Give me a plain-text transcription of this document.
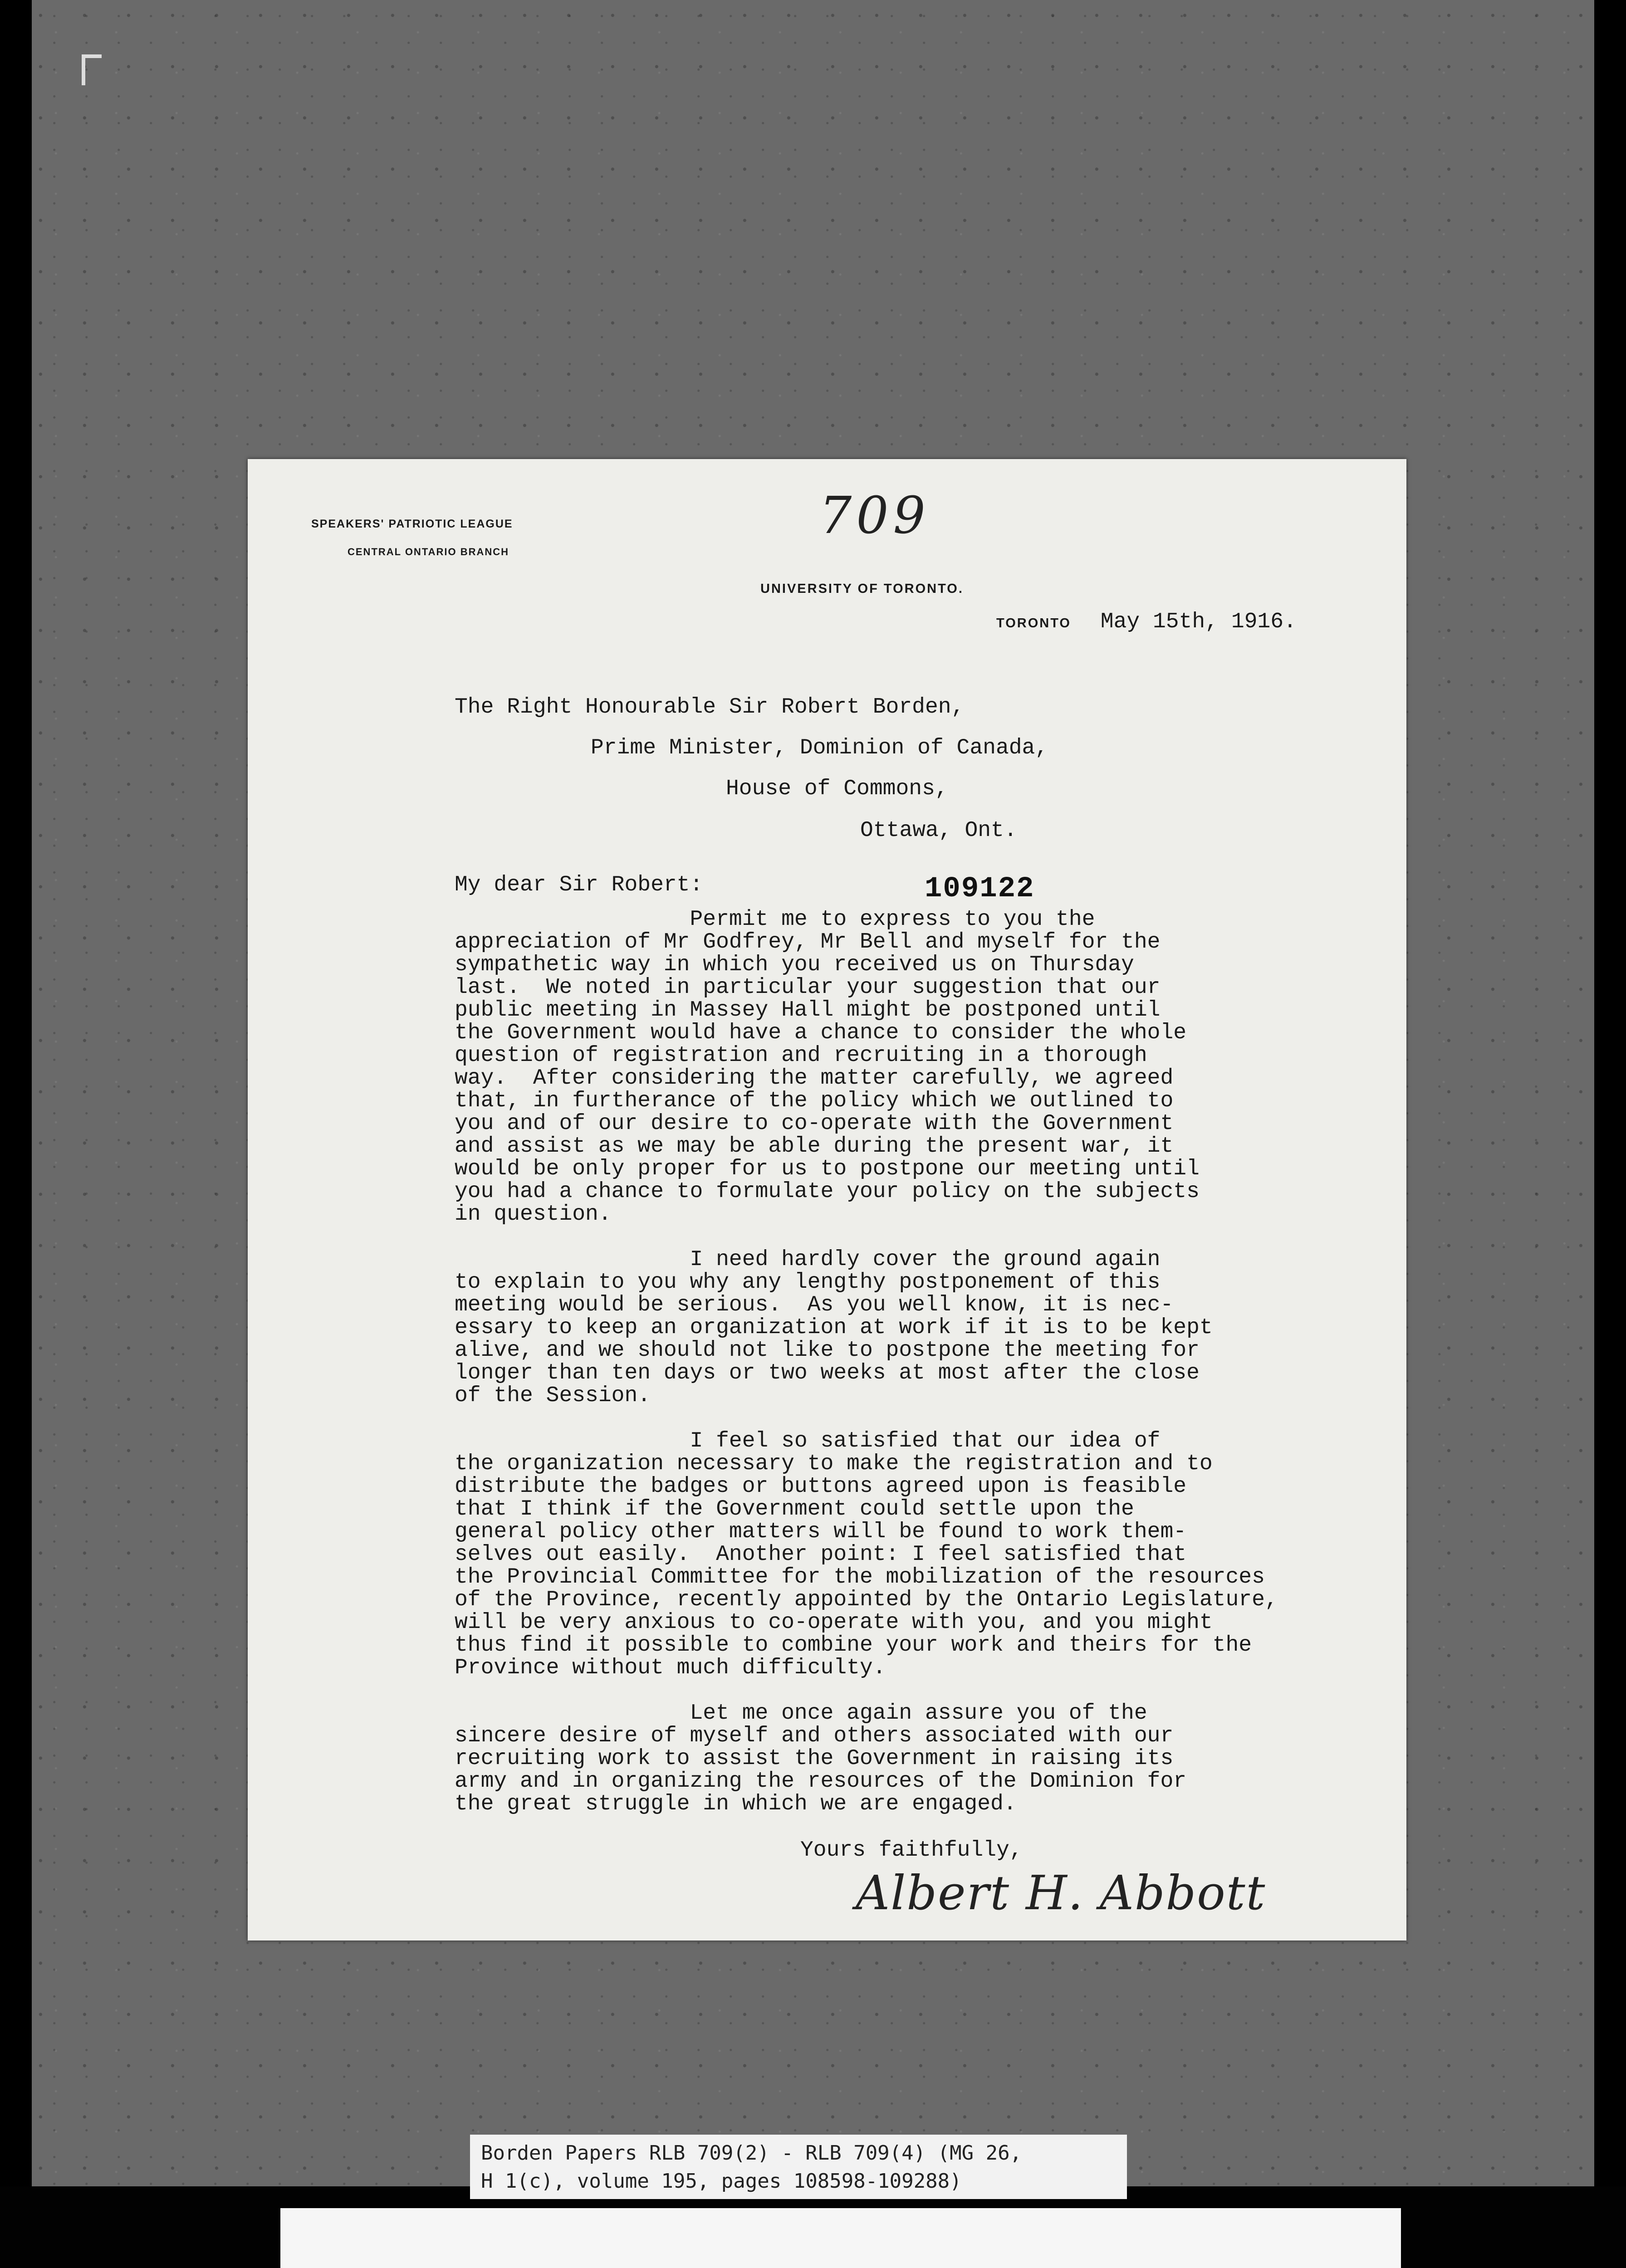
SPEAKERS' PATRIOTIC LEAGUE
CENTRAL ONTARIO BRANCH
709
UNIVERSITY OF TORONTO.
TORONTO May 15th, 1916.
The Right Honourable Sir Robert Borden,
Prime Minister, Dominion of Canada,
House of Commons,
Ottawa, Ont.
My dear Sir Robert:	109122
Permit me to express to you the
appreciation of Mr Godfrey, Mr Bell and myself for the
sympathetic way in which you received us on Thursday
last.  We noted in particular your suggestion that our
public meeting in Massey Hall might be postponed until
the Government would have a chance to consider the whole
question of registration and recruiting in a thorough
way.  After considering the matter carefully, we agreed
that, in furtherance of the policy which we outlined to
you and of our desire to co-operate with the Government
and assist as we may be able during the present war, it
would be only proper for us to postpone our meeting until
you had a chance to formulate your policy on the subjects
in question.

I need hardly cover the ground again
to explain to you why any lengthy postponement of this
meeting would be serious.  As you well know, it is nec-
essary to keep an organization at work if it is to be kept
alive, and we should not like to postpone the meeting for
longer than ten days or two weeks at most after the close
of the Session.

I feel so satisfied that our idea of
the organization necessary to make the registration and to
distribute the badges or buttons agreed upon is feasible
that I think if the Government could settle upon the
general policy other matters will be found to work them-
selves out easily.  Another point: I feel satisfied that
the Provincial Committee for the mobilization of the resources
of the Province, recently appointed by the Ontario Legislature,
will be very anxious to co-operate with you, and you might
thus find it possible to combine your work and theirs for the
Province without much difficulty.

Let me once again assure you of the
sincere desire of myself and others associated with our
recruiting work to assist the Government in raising its
army and in organizing the resources of the Dominion for
the great struggle in which we are engaged.
Yours faithfully,
Albert H. Abbott
Borden Papers RLB 709(2) - RLB 709(4) (MG 26,
H 1(c), volume 195, pages 108598-109288)
